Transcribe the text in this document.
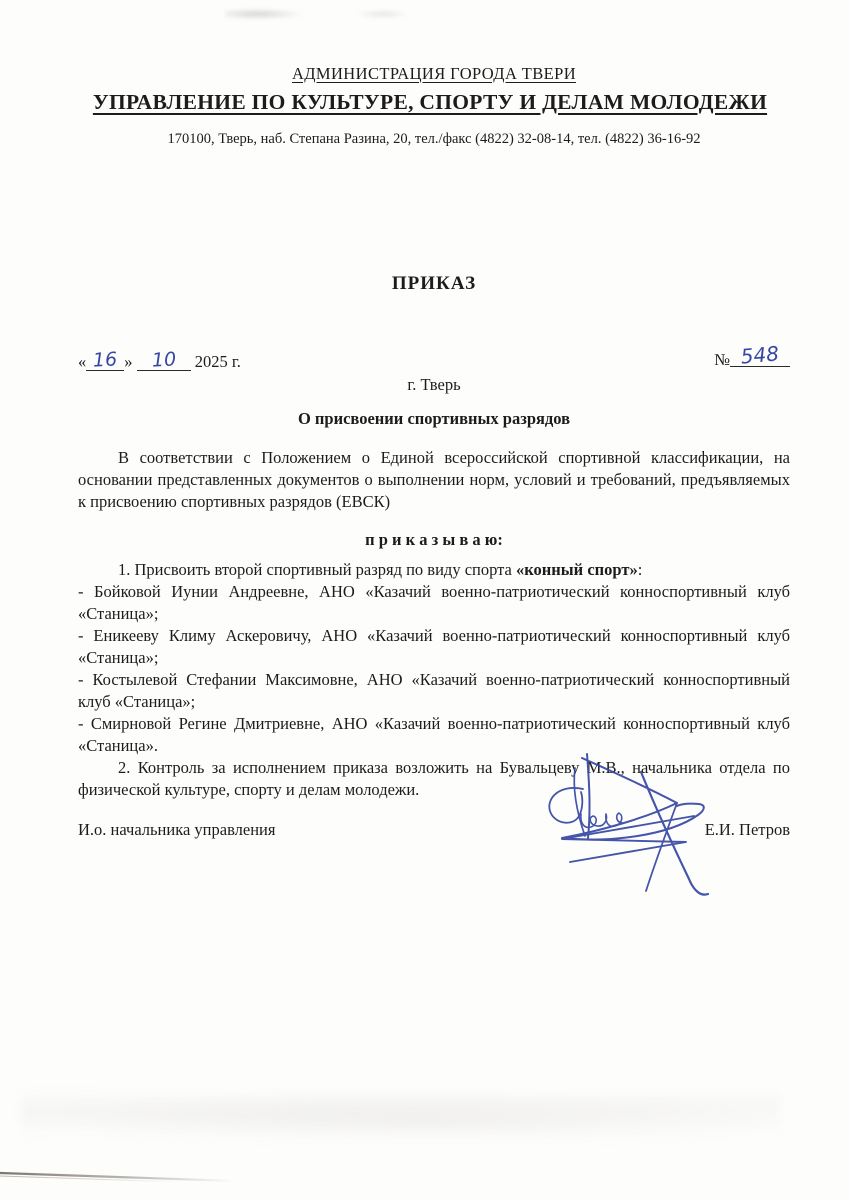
АДМИНИСТРАЦИЯ ГОРОДА ТВЕРИ
УПРАВЛЕНИЕ ПО КУЛЬТУРЕ, СПОРТУ И ДЕЛАМ МОЛОДЕЖИ
170100, Тверь, наб. Степана Разина, 20, тел./факс (4822) 32-08-14, тел. (4822) 36-16-92
ПРИКАЗ
« 16 » 10 2025 г.	№ 548
г. Тверь
О присвоении спортивных разрядов

В соответствии с Положением о Единой всероссийской спортивной классификации, на основании представленных документов о выполнении норм, условий и требований, предъявляемых к присвоению спортивных разрядов (ЕВСК)

п р и к а з ы в а ю:

1. Присвоить второй спортивный разряд по виду спорта «конный спорт»:

- Бойковой Иунии Андреевне, АНО «Казачий военно-патриотический конноспортивный клуб «Станица»;

- Еникееву Климу Аскеровичу, АНО «Казачий военно-патриотический конноспортивный клуб «Станица»;

- Костылевой Стефании Максимовне, АНО «Казачий военно-патриотический конноспортивный клуб «Станица»;

- Смирновой Регине Дмитриевне, АНО «Казачий военно-патриотический конноспортивный клуб «Станица».

2. Контроль за исполнением приказа возложить на Бувальцеву М.В., начальника отдела по физической культуре, спорту и делам молодежи.

И.о. начальника управления	Е.И. Петров
